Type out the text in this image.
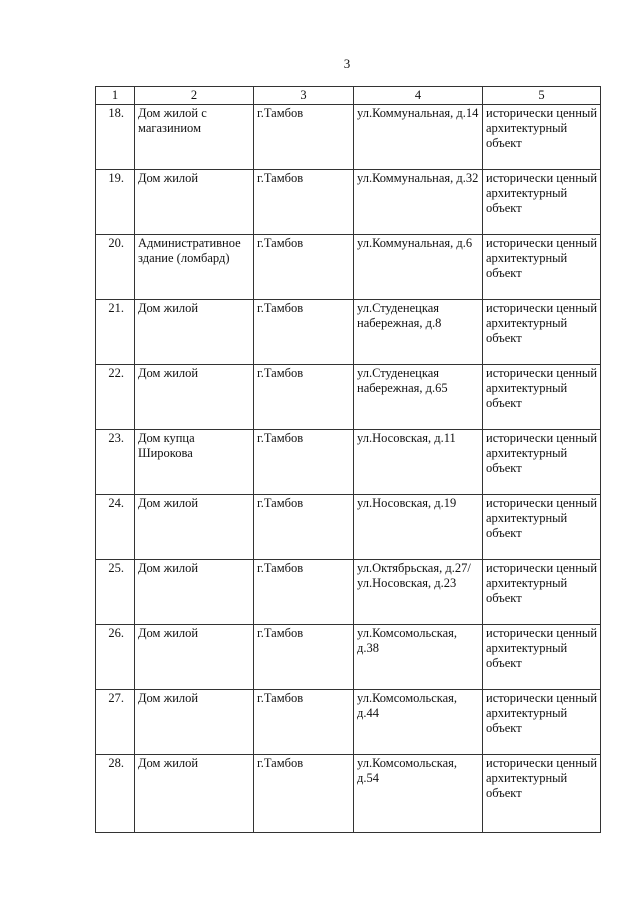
3
1	2	3	4	5
18.	Дом жилой с магазиниом	г.Тамбов	ул.Коммунальная, д.14	исторически ценный архитектурный объект
19.	Дом жилой	г.Тамбов	ул.Коммунальная, д.32	исторически ценный архитектурный объект
20.	Административное здание (ломбард)	г.Тамбов	ул.Коммунальная, д.6	исторически ценный архитектурный объект
21.	Дом жилой	г.Тамбов	ул.Студенецкая набережная, д.8	исторически ценный архитектурный объект
22.	Дом жилой	г.Тамбов	ул.Студенецкая набережная, д.65	исторически ценный архитектурный объект
23.	Дом купца Широкова	г.Тамбов	ул.Носовская, д.11	исторически ценный архитектурный объект
24.	Дом жилой	г.Тамбов	ул.Носовская, д.19	исторически ценный архитектурный объект
25.	Дом жилой	г.Тамбов	ул.Октябрьская, д.27/ул.Носовская, д.23	исторически ценный архитектурный объект
26.	Дом жилой	г.Тамбов	ул.Комсомольская, д.38	исторически ценный архитектурный объект
27.	Дом жилой	г.Тамбов	ул.Комсомольская, д.44	исторически ценный архитектурный объект
28.	Дом жилой	г.Тамбов	ул.Комсомольская, д.54	исторически ценный архитектурный объект
